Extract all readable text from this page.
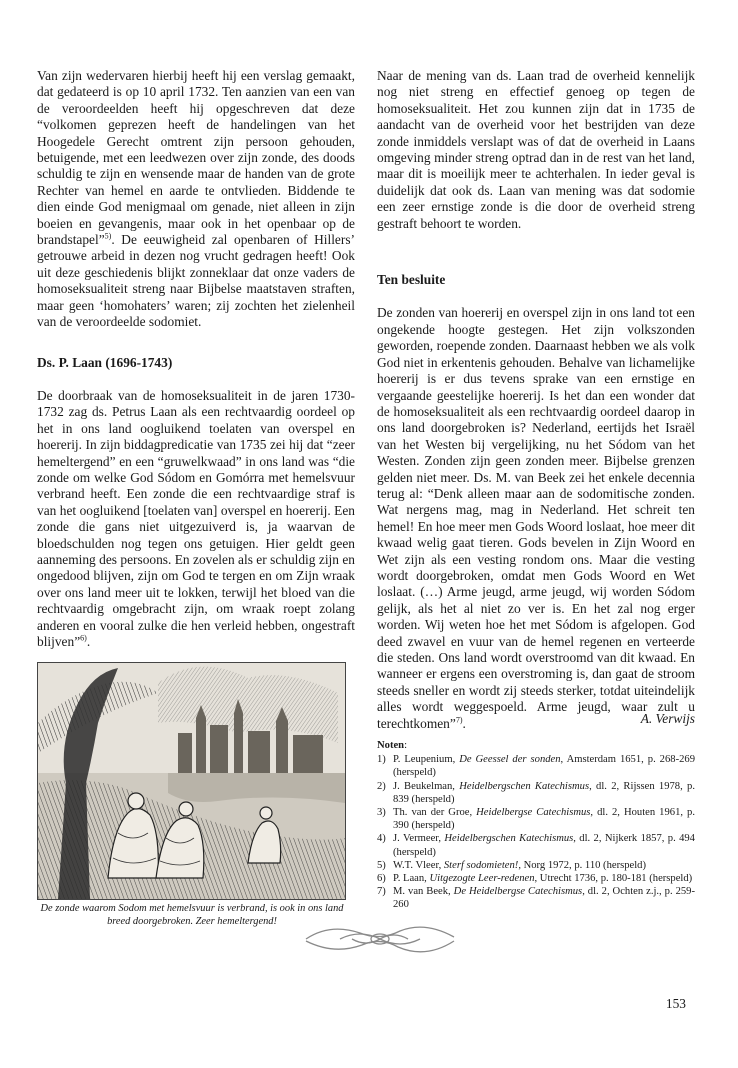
Van zijn wedervaren hierbij heeft hij een verslag gemaakt, dat gedateerd is op 10 april 1732. Ten aanzien van een van de veroordeelden heeft hij opgeschreven dat deze “volkomen geprezen heeft de handelingen van het Hoogedele Gerecht omtrent zijn persoon gehouden, betuigende, met een leedwezen over zijn zonde, des doods schuldig te zijn en wensende maar de handen van de grote Rechter van hemel en aarde te ontvlieden. Biddende te dien einde God menigmaal om genade, niet alleen in zijn boeien en gevangenis, maar ook in het openbaar op de brandstapel”$^{5)}$. De eeuwigheid zal openbaren of Hillers’ getrouwe arbeid in dezen nog vrucht gedragen heeft! Ook uit deze geschiedenis blijkt zonneklaar dat onze vaders de homoseksualiteit streng naar Bijbelse maatstaven straften, maar geen ‘homohaters’ waren; zij zochten het zielenheil van de veroordeelde sodomiet.

Ds. P. Laan (1696-1743)

De doorbraak van de homoseksualiteit in de jaren 1730-1732 zag ds. Petrus Laan als een rechtvaardig oordeel op het in ons land oogluikend toelaten van overspel en hoererij. In zijn biddagpredicatie van 1735 zei hij dat “zeer hemeltergend” en een “gruwelkwaad” in ons land was “die zonde om welke God Sódom en Gomórra met hemelsvuur verbrand heeft. Een zonde die een rechtvaardige straf is van het oogluikend [toelaten van] overspel en hoererij. Een zonde die gans niet uitgezuiverd is, ja waarvan de bloedschulden nog tegen ons getuigen. Hier geldt geen aanneming des persoons. En zovelen als er schuldig zijn en ongedood blijven, zijn om God te tergen en om Zijn wraak over ons land meer uit te lokken, terwijl het bloed van die rechtvaardig omgebracht zijn, om wraak roept zolang anderen en vooral zulke die hen verleid hebben, ongestraft blijven”$^{6)}$.

De zonde waarom Sodom met hemelsvuur is verbrand, is ook in ons land breed doorgebroken. Zeer hemeltergend!

Naar de mening van ds. Laan trad de overheid kennelijk nog niet streng en effectief genoeg op tegen de homoseksualiteit. Het zou kunnen zijn dat in 1735 de aandacht van de overheid voor het bestrijden van deze zonde inmiddels verslapt was of dat de overheid in Laans omgeving minder streng optrad dan in de rest van het land, maar dit is moeilijk meer te achterhalen. In ieder geval is duidelijk dat ook ds. Laan van mening was dat sodomie een zeer ernstige zonde is die door de overheid streng gestraft behoort te worden.

Ten besluite

De zonden van hoererij en overspel zijn in ons land tot een ongekende hoogte gestegen. Het zijn volkszonden geworden, roepende zonden. Daarnaast hebben we als volk God niet in erkentenis gehouden. Behalve van lichamelijke hoererij is er dus tevens sprake van een ernstige en vergaande geestelijke hoererij. Is het dan een wonder dat de homoseksualiteit als een rechtvaardig oordeel daarop in ons land doorgebroken is? Nederland, eertijds het Israël van het Westen bij vergelijking, nu het Sódom van het Westen. Zonden zijn geen zonden meer. Bijbelse grenzen gelden niet meer. Ds. M. van Beek zei het enkele decennia terug al: “Denk alleen maar aan de sodomitische zonden. Wat nergens mag, mag in Nederland. Het schreit ten hemel! En hoe meer men Gods Woord loslaat, hoe meer dit kwaad welig gaat tieren. Gods bevelen in Zijn Woord en Wet zijn als een vesting rondom ons. Maar die vesting wordt doorgebroken, omdat men Gods Woord en Wet loslaat. (…) Arme jeugd, arme jeugd, wij worden Sódom gelijk, als het al niet zo ver is. En het zal nog erger worden. Wij weten hoe het met Sódom is afgelopen. God deed zwavel en vuur van de hemel regenen en verteerde die steden. Ons land wordt overstroomd van dit kwaad. En wanneer er ergens een overstroming is, dan gaat de stroom steeds sneller en wordt zij steeds sterker, totdat uiteindelijk alles wordt weggespoeld. Arme jeugd, waar zult u terechtkomen”$^{7)}$.	A. Verwijs
Noten:
1) P. Leupenium, De Geessel der sonden, Amsterdam 1651, p. 268-269 (herspeld)
2) J. Beukelman, Heidelbergschen Katechismus, dl. 2, Rijssen 1978, p. 839 (herspeld)
3) Th. van der Groe, Heidelbergse Catechismus, dl. 2, Houten 1961, p. 390 (herspeld)
4) J. Vermeer, Heidelbergschen Katechismus, dl. 2, Nijkerk 1857, p. 494 (herspeld)
5) W.T. Vleer, Sterf sodomieten!, Norg 1972, p. 110 (herspeld)
6) P. Laan, Uitgezogte Leer-redenen, Utrecht 1736, p. 180-181 (herspeld)
7) M. van Beek, De Heidelbergse Catechismus, dl. 2, Ochten z.j., p. 259-260
153
